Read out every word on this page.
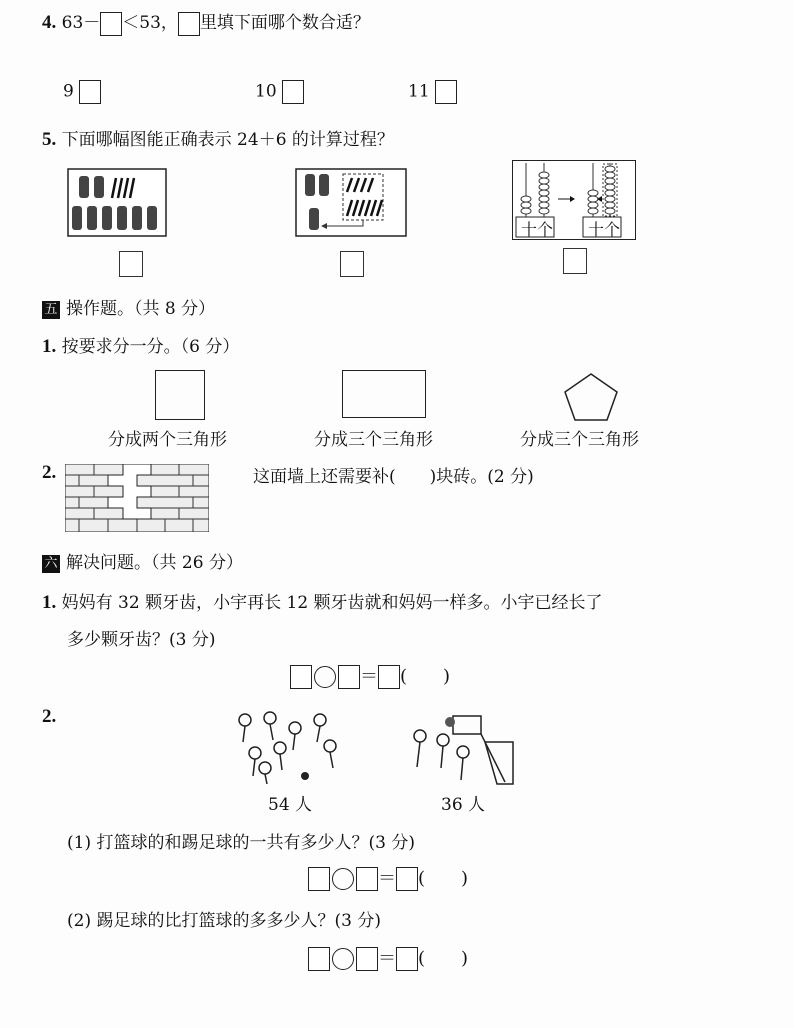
4. 63－ ＜53， 里填下面哪个数合适？
9	10	11
5. 下面哪幅图能正确表示 24＋6 的计算过程？
十 个 十 个
五 操作题。（共 8 分）
1. 按要求分一分。（6 分）
分成两个三角形	分成三个三角形	分成三个三角形
2.	这面墙上还需要补(　　)块砖。(2 分)
六 解决问题。（共 26 分）
1. 妈妈有 32 颗牙齿，小宇再长 12 颗牙齿就和妈妈一样多。小宇已经长了
多少颗牙齿？(3 分)
＝ (　　)
2.
54 人	36 人
(1) 打篮球的和踢足球的一共有多少人？(3 分)
＝ (　　)
(2) 踢足球的比打篮球的多多少人？(3 分)
＝ (　　)
